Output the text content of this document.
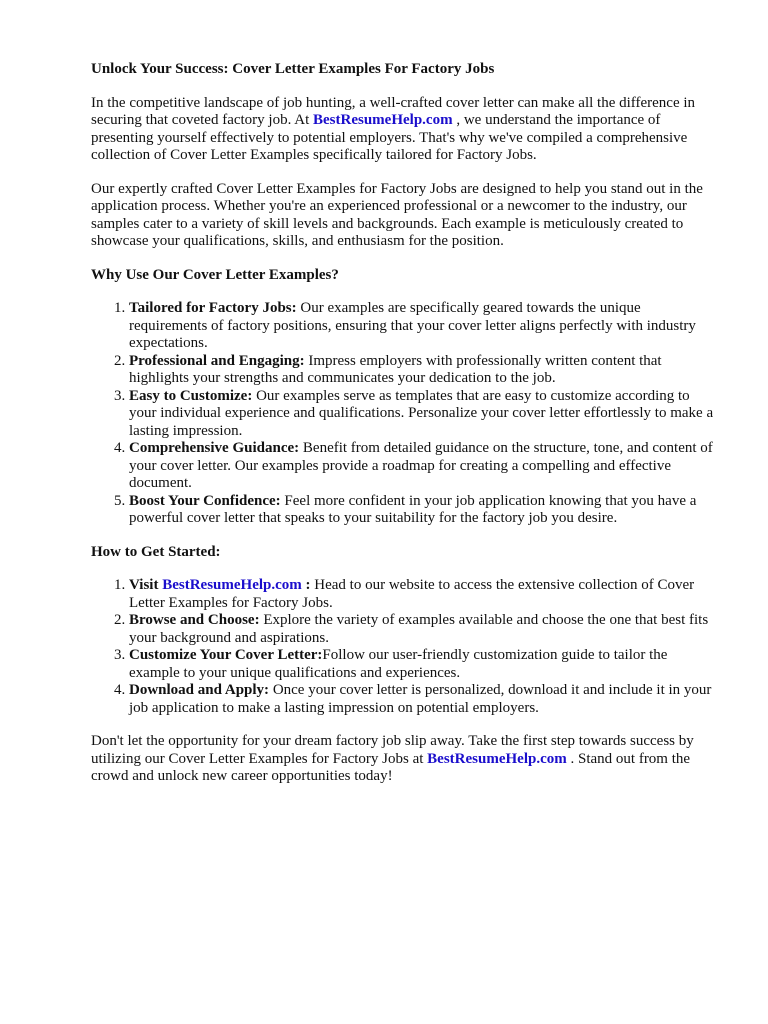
Unlock Your Success: Cover Letter Examples For Factory Jobs

In the competitive landscape of job hunting, a well-crafted cover letter can make all the difference in securing that coveted factory job. At BestResumeHelp.com , we understand the importance of presenting yourself effectively to potential employers. That's why we've compiled a comprehensive collection of Cover Letter Examples specifically tailored for Factory Jobs.

Our expertly crafted Cover Letter Examples for Factory Jobs are designed to help you stand out in the application process. Whether you're an experienced professional or a newcomer to the industry, our samples cater to a variety of skill levels and backgrounds. Each example is meticulously created to showcase your qualifications, skills, and enthusiasm for the position.

Why Use Our Cover Letter Examples?
1. Tailored for Factory Jobs: Our examples are specifically geared towards the unique requirements of factory positions, ensuring that your cover letter aligns perfectly with industry expectations.
2. Professional and Engaging: Impress employers with professionally written content that highlights your strengths and communicates your dedication to the job.
3. Easy to Customize: Our examples serve as templates that are easy to customize according to your individual experience and qualifications. Personalize your cover letter effortlessly to make a lasting impression.
4. Comprehensive Guidance: Benefit from detailed guidance on the structure, tone, and content of your cover letter. Our examples provide a roadmap for creating a compelling and effective document.
5. Boost Your Confidence: Feel more confident in your job application knowing that you have a powerful cover letter that speaks to your suitability for the factory job you desire.
How to Get Started:
1. Visit BestResumeHelp.com : Head to our website to access the extensive collection of Cover Letter Examples for Factory Jobs.
2. Browse and Choose: Explore the variety of examples available and choose the one that best fits your background and aspirations.
3. Customize Your Cover Letter:Follow our user-friendly customization guide to tailor the example to your unique qualifications and experiences.
4. Download and Apply: Once your cover letter is personalized, download it and include it in your job application to make a lasting impression on potential employers.

Don't let the opportunity for your dream factory job slip away. Take the first step towards success by utilizing our Cover Letter Examples for Factory Jobs at BestResumeHelp.com . Stand out from the crowd and unlock new career opportunities today!
